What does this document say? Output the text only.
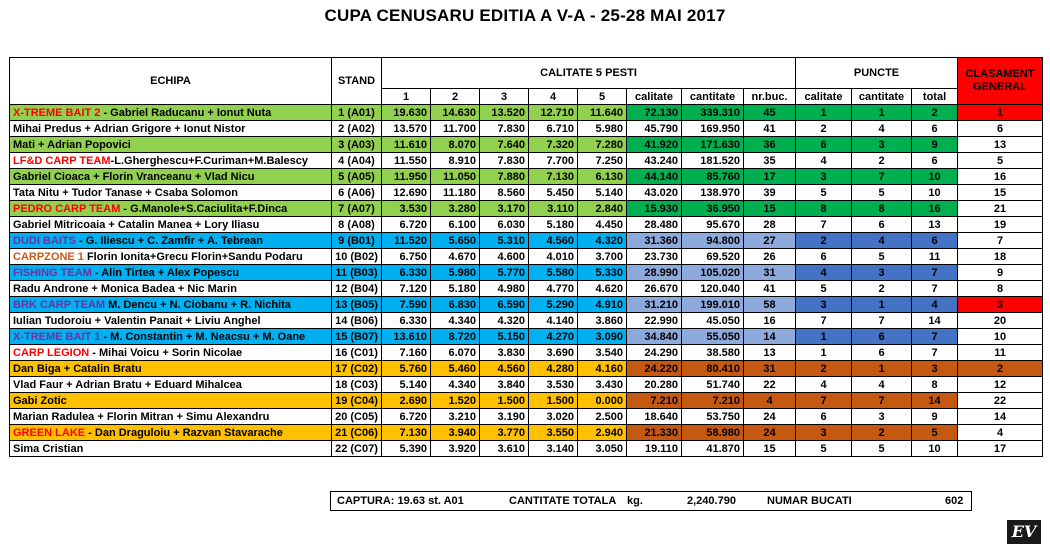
CUPA CENUSARU EDITIA A V-A - 25-28 MAI 2017
ECHIPA	STAND	CALITATE 5 PESTI								PUNCTE			CLASAMENT GENERAL
		1	2	3	4	5	calitate	cantitate	nr.buc.	calitate	cantitate	total	
X-TREME BAIT 2 - Gabriel Raducanu + Ionut Nuta	1 (A01)	19.630	14.630	13.520	12.710	11.640	72.130	339.310	45	1	1	2	1
Mihai Predus + Adrian Grigore + Ionut Nistor	2 (A02)	13.570	11.700	7.830	6.710	5.980	45.790	169.950	41	2	4	6	6
Mati + Adrian Popovici	3 (A03)	11.610	8.070	7.640	7.320	7.280	41.920	171.630	36	6	3	9	13
LF&D CARP TEAM-L.Gherghescu+F.Curiman+M.Balescy	4 (A04)	11.550	8.910	7.830	7.700	7.250	43.240	181.520	35	4	2	6	5
Gabriel Cioaca + Florin Vranceanu + Vlad Nicu	5 (A05)	11.950	11.050	7.880	7.130	6.130	44.140	85.760	17	3	7	10	16
Tata Nitu + Tudor Tanase + Csaba Solomon	6 (A06)	12.690	11.180	8.560	5.450	5.140	43.020	138.970	39	5	5	10	15
PEDRO CARP TEAM - G.Manole+S.Caciulita+F.Dinca	7 (A07)	3.530	3.280	3.170	3.110	2.840	15.930	36.950	15	8	8	16	21
Gabriel Mitricoaia + Catalin Manea + Lory Iliasu	8 (A08)	6.720	6.100	6.030	5.180	4.450	28.480	95.670	28	7	6	13	19
DUDI BAITS - G. Iliescu + C. Zamfir + A. Tebrean	9 (B01)	11.520	5.650	5.310	4.560	4.320	31.360	94.800	27	2	4	6	7
CARPZONE 1 Florin Ionita+Grecu Florin+Sandu Podaru	10 (B02)	6.750	4.670	4.600	4.010	3.700	23.730	69.520	26	6	5	11	18
FISHING TEAM - Alin Tirtea + Alex Popescu	11 (B03)	6.330	5.980	5.770	5.580	5.330	28.990	105.020	31	4	3	7	9
Radu Androne + Monica Badea + Nic Marin	12 (B04)	7.120	5.180	4.980	4.770	4.620	26.670	120.040	41	5	2	7	8
BRK CARP TEAM M. Dencu + N. Ciobanu + R. Nichita	13 (B05)	7.590	6.830	6.590	5.290	4.910	31.210	199.010	58	3	1	4	3
Iulian Tudoroiu + Valentin Panait + Liviu Anghel	14 (B06)	6.330	4.340	4.320	4.140	3.860	22.990	45.050	16	7	7	14	20
X-TREME BAIT 1 - M. Constantin + M. Neacsu + M. Oane	15 (B07)	13.610	8.720	5.150	4.270	3.090	34.840	55.050	14	1	6	7	10
CARP LEGION - Mihai Voicu + Sorin Nicolae	16 (C01)	7.160	6.070	3.830	3.690	3.540	24.290	38.580	13	1	6	7	11
Dan Biga + Catalin Bratu	17 (C02)	5.760	5.460	4.560	4.280	4.160	24.220	80.410	31	2	1	3	2
Vlad Faur + Adrian Bratu + Eduard Mihalcea	18 (C03)	5.140	4.340	3.840	3.530	3.430	20.280	51.740	22	4	4	8	12
Gabi Zotic	19 (C04)	2.690	1.520	1.500	1.500	0.000	7.210	7.210	4	7	7	14	22
Marian Radulea + Florin Mitran + Simu Alexandru	20 (C05)	6.720	3.210	3.190	3.020	2.500	18.640	53.750	24	6	3	9	14
GREEN LAKE - Dan Draguloiu + Razvan Stavarache	21 (C06)	7.130	3.940	3.770	3.550	2.940	21.330	58.980	24	3	2	5	4
Sima Cristian	22 (C07)	5.390	3.920	3.610	3.140	3.050	19.110	41.870	15	5	5	10	17
CAPTURA: 19.63 st. A01	CANTITATE TOTALA kg.	2,240.790	NUMAR BUCATI	602
EV
